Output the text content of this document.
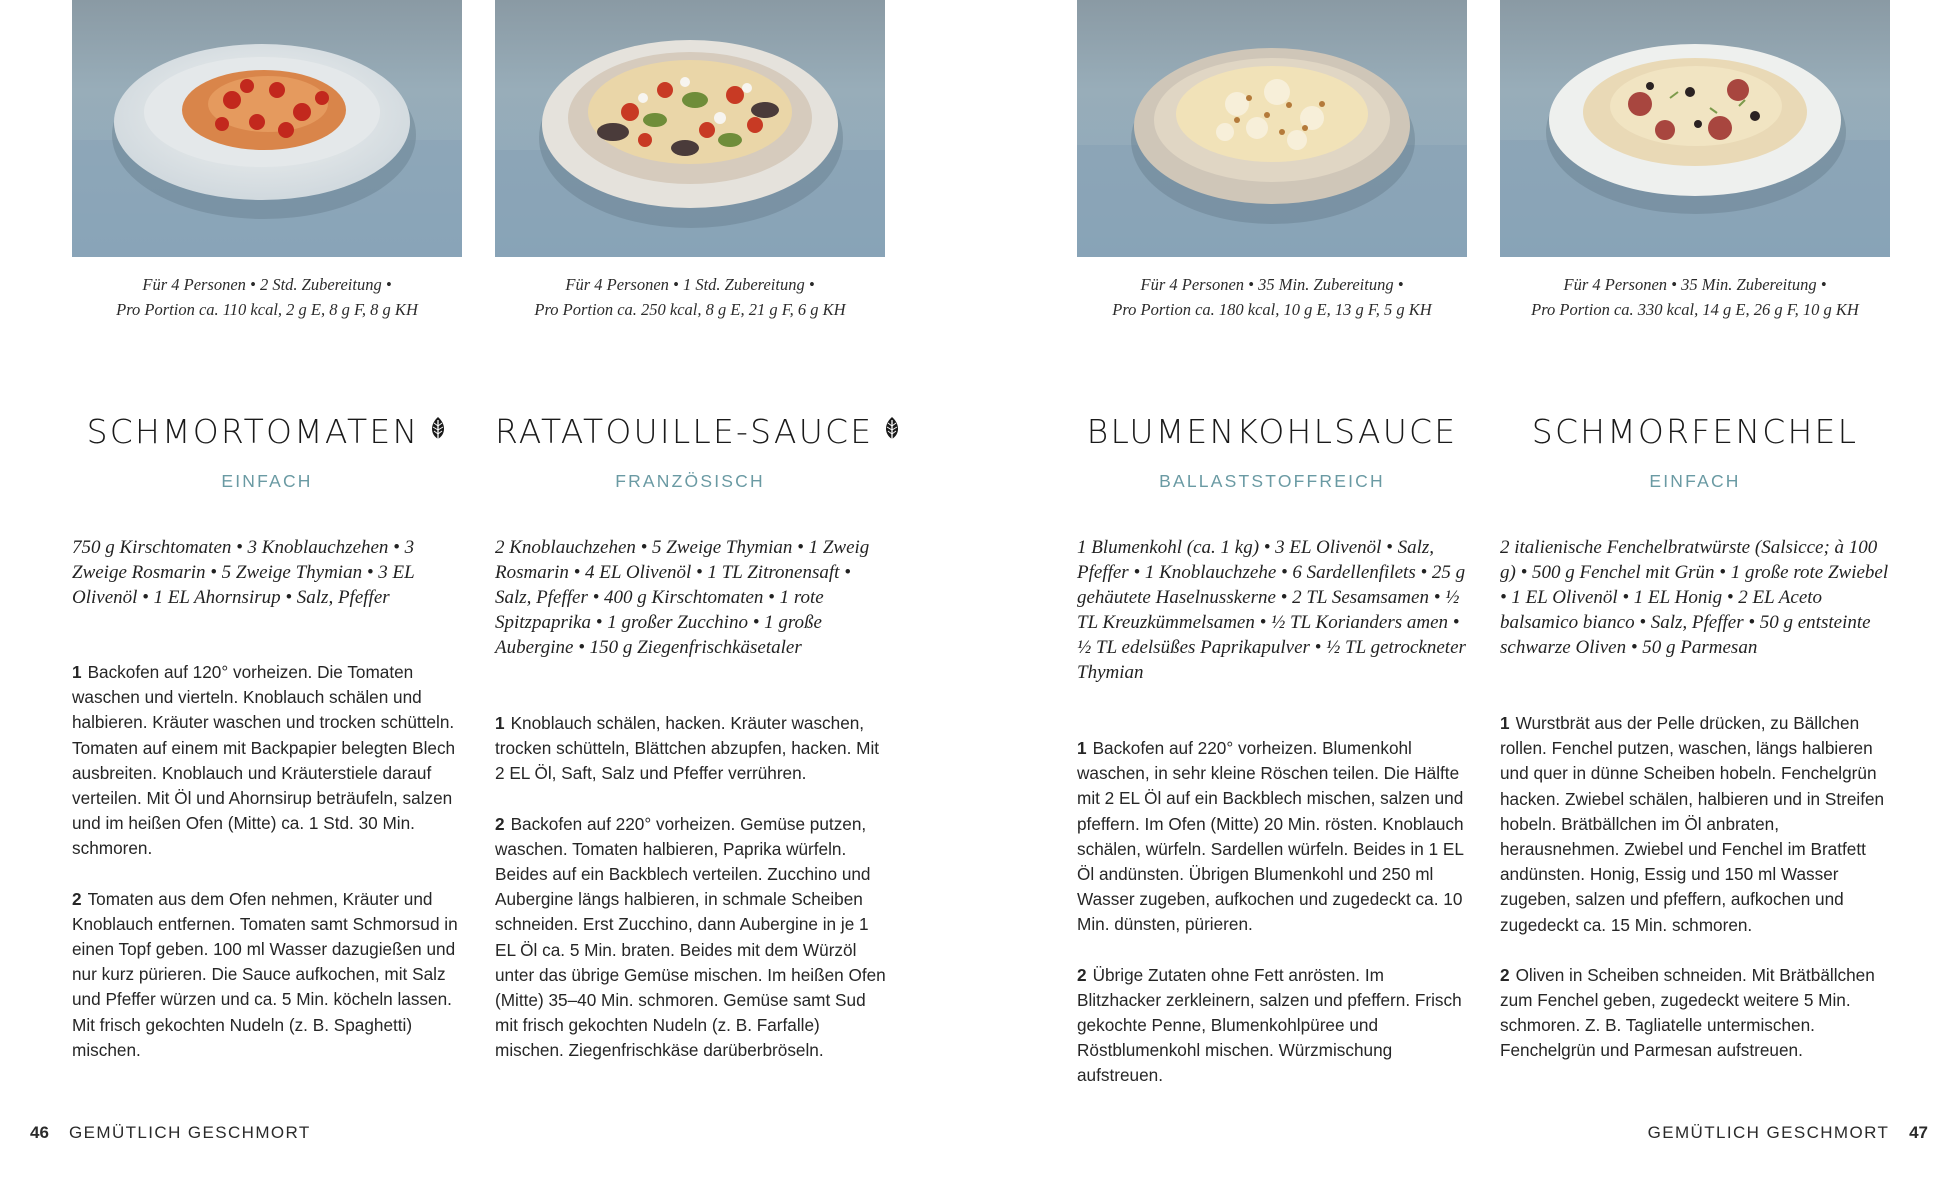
Für 4 Personen • 2 Std. Zubereitung •
Pro Portion ca. 110 kcal, 2 g E, 8 g F, 8 g KH
SCHMORTOMATEN
EINFACH
750 g Kirschtomaten • 3 Knoblauchzehen • 3 Zweige Rosmarin • 5 Zweige Thymian • 3 EL Olivenöl • 1 EL Ahornsirup • Salz, Pfeffer

1 Backofen auf 120° vorheizen. Die Tomaten waschen und vierteln. Knoblauch schälen und halbieren. Kräuter waschen und trocken schütteln. Tomaten auf einem mit Backpapier belegten Blech ausbreiten. Knoblauch und Kräuterstiele darauf verteilen. Mit Öl und Ahornsirup beträufeln, salzen und im heißen Ofen (Mitte) ca. 1 Std. 30 Min. schmoren.

2 Tomaten aus dem Ofen nehmen, Kräuter und Knoblauch entfernen. Tomaten samt Schmorsud in einen Topf geben. 100 ml Wasser dazugießen und nur kurz pürieren. Die Sauce aufkochen, mit Salz und Pfeffer würzen und ca. 5 Min. köcheln lassen. Mit frisch gekochten Nudeln (z. B. Spaghetti) mischen.

Für 4 Personen • 1 Std. Zubereitung •
Pro Portion ca. 250 kcal, 8 g E, 21 g F, 6 g KH
RATATOUILLE-SAUCE
FRANZÖSISCH
2 Knoblauchzehen • 5 Zweige Thymian • 1 Zweig Rosmarin • 4 EL Olivenöl • 1 TL Zitronensaft • Salz, Pfeffer • 400 g Kirschtomaten • 1 rote Spitzpaprika • 1 großer Zucchino • 1 große Aubergine • 150 g Ziegenfrischkäsetaler

1 Knoblauch schälen, hacken. Kräuter waschen, trocken schütteln, Blättchen abzupfen, hacken. Mit 2 EL Öl, Saft, Salz und Pfeffer verrühren.

2 Backofen auf 220° vorheizen. Gemüse putzen, waschen. Tomaten halbieren, Paprika würfeln. Beides auf ein Backblech verteilen. Zucchino und Aubergine längs halbieren, in schmale Scheiben schneiden. Erst Zucchino, dann Aubergine in je 1 EL Öl ca. 5 Min. braten. Beides mit dem Würzöl unter das übrige Gemüse mischen. Im heißen Ofen (Mitte) 35–40 Min. schmoren. Gemüse samt Sud mit frisch gekochten Nudeln (z. B. Farfalle) mischen. Ziegenfrischkäse darüberbröseln.

Für 4 Personen • 35 Min. Zubereitung •
Pro Portion ca. 180 kcal, 10 g E, 13 g F, 5 g KH
BLUMENKOHLSAUCE
BALLASTSTOFFREICH
1 Blumenkohl (ca. 1 kg) • 3 EL Olivenöl • Salz, Pfeffer • 1 Knoblauchzehe • 6 Sardellenfilets • 25 g gehäutete Haselnusskerne • 2 TL Sesamsamen • ½ TL Kreuzkümmelsamen • ½ TL Korianders amen • ½ TL edelsüßes Paprikapulver • ½ TL getrockneter Thymian

1 Backofen auf 220° vorheizen. Blumenkohl waschen, in sehr kleine Röschen teilen. Die Hälfte mit 2 EL Öl auf ein Backblech mischen, salzen und pfeffern. Im Ofen (Mitte) 20 Min. rösten. Knoblauch schälen, würfeln. Sardellen würfeln. Beides in 1 EL Öl andünsten. Übrigen Blumenkohl und 250 ml Wasser zugeben, aufkochen und zugedeckt ca. 10 Min. dünsten, pürieren.

2 Übrige Zutaten ohne Fett anrösten. Im Blitzhacker zerkleinern, salzen und pfeffern. Frisch gekochte Penne, Blumenkohlpüree und Röstblumenkohl mischen. Würzmischung aufstreuen.

Für 4 Personen • 35 Min. Zubereitung •
Pro Portion ca. 330 kcal, 14 g E, 26 g F, 10 g KH
SCHMORFENCHEL
EINFACH
2 italienische Fenchelbratwürste (Salsicce; à 100 g) • 500 g Fenchel mit Grün • 1 große rote Zwiebel • 1 EL Olivenöl • 1 EL Honig • 2 EL Aceto balsamico bianco • Salz, Pfeffer • 50 g entsteinte schwarze Oliven • 50 g Parmesan

1 Wurstbrät aus der Pelle drücken, zu Bällchen rollen. Fenchel putzen, waschen, längs halbieren und quer in dünne Scheiben hobeln. Fenchelgrün hacken. Zwiebel schälen, halbieren und in Streifen hobeln. Brätbällchen im Öl anbraten, herausnehmen. Zwiebel und Fenchel im Bratfett andünsten. Honig, Essig und 150 ml Wasser zugeben, salzen und pfeffern, aufkochen und zugedeckt ca. 15 Min. schmoren.

2 Oliven in Scheiben schneiden. Mit Brätbällchen zum Fenchel geben, zugedeckt weitere 5 Min. schmoren. Z. B. Tagliatelle untermischen. Fenchelgrün und Parmesan aufstreuen.

46 GEMÜTLICH GESCHMORT	GEMÜTLICH GESCHMORT 47
